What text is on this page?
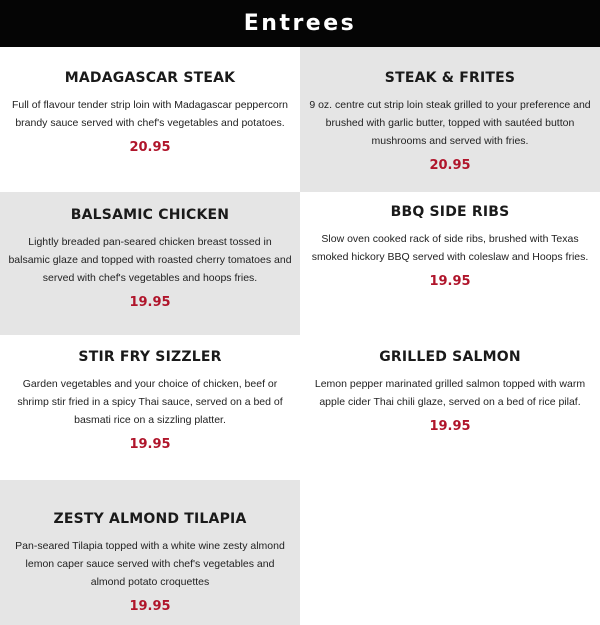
Entrees
MADAGASCAR STEAK
Full of flavour tender strip loin with Madagascar peppercorn brandy sauce served with chef's vegetables and potatoes.
20.95
STEAK & FRITES
9 oz. centre cut strip loin steak grilled to your preference and brushed with garlic butter, topped with sautéed button mushrooms and served with fries.
20.95
BALSAMIC CHICKEN
Lightly breaded pan-seared chicken breast tossed in balsamic glaze and topped with roasted cherry tomatoes and served with chef's vegetables and hoops fries.
19.95
BBQ SIDE RIBS
Slow oven cooked rack of side ribs, brushed with Texas smoked hickory BBQ served with coleslaw and Hoops fries.
19.95
STIR FRY SIZZLER
Garden vegetables and your choice of chicken, beef or shrimp stir fried in a spicy Thai sauce, served on a bed of basmati rice on a sizzling platter.
19.95
GRILLED SALMON
Lemon pepper marinated grilled salmon topped with warm apple cider Thai chili glaze, served on a bed of rice pilaf.
19.95
ZESTY ALMOND TILAPIA
Pan-seared Tilapia topped with a white wine zesty almond lemon caper sauce served with chef's vegetables and almond potato croquettes
19.95
